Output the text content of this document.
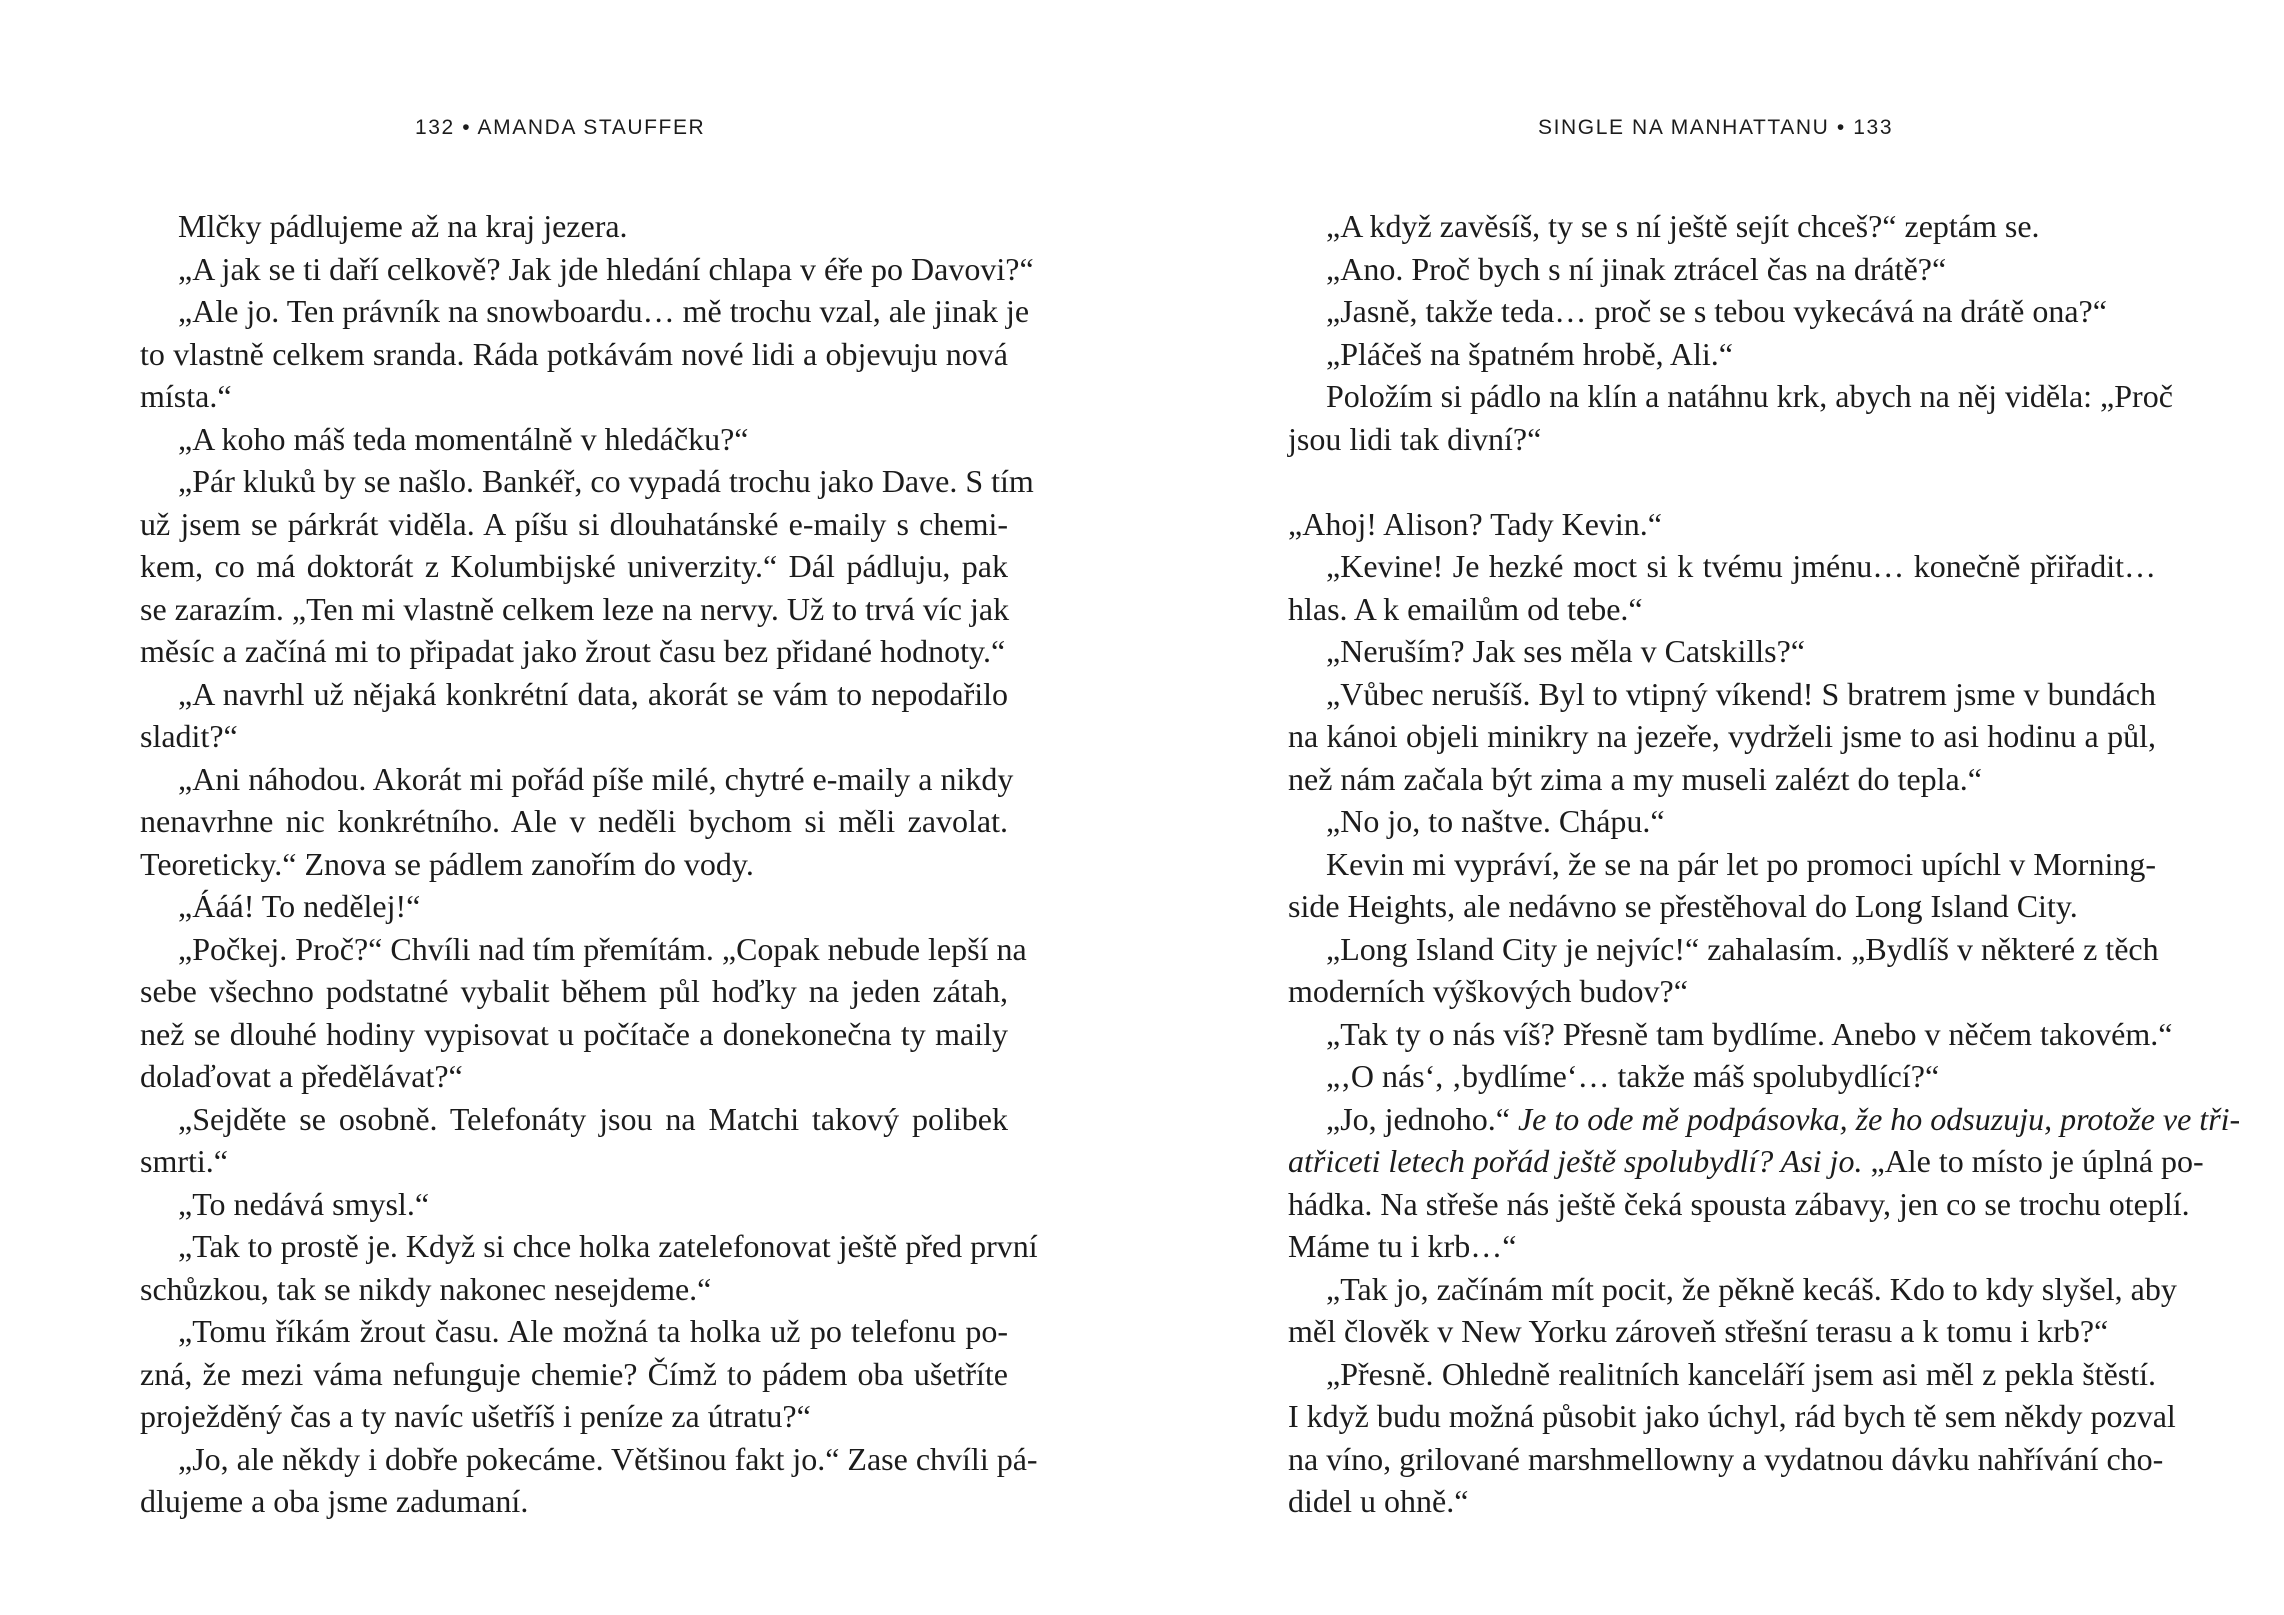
132 • AMANDA STAUFFER
Mlčky pádlujeme až na kraj jezera.
„A jak se ti daří celkově? Jak jde hledání chlapa v éře po Davovi?“
„Ale jo. Ten právník na snowboardu… mě trochu vzal, ale jinak je
to vlastně celkem sranda. Ráda potkávám nové lidi a objevuju nová
místa.“
„A koho máš teda momentálně v hledáčku?“
„Pár kluků by se našlo. Bankéř, co vypadá trochu jako Dave. S tím
už jsem se párkrát viděla. A píšu si dlouhatánské e-maily s chemi-
kem, co má doktorát z Kolumbijské univerzity.“ Dál pádluju, pak
se zarazím. „Ten mi vlastně celkem leze na nervy. Už to trvá víc jak
měsíc a začíná mi to připadat jako žrout času bez přidané hodnoty.“
„A navrhl už nějaká konkrétní data, akorát se vám to nepodařilo
sladit?“
„Ani náhodou. Akorát mi pořád píše milé, chytré e-maily a nikdy
nenavrhne nic konkrétního. Ale v neděli bychom si měli zavolat.
Teoreticky.“ Znova se pádlem zanořím do vody.
„Ááá! To nedělej!“
„Počkej. Proč?“ Chvíli nad tím přemítám. „Copak nebude lepší na
sebe všechno podstatné vybalit během půl hoďky na jeden zátah,
než se dlouhé hodiny vypisovat u počítače a donekonečna ty maily
dolaďovat a předělávat?“
„Sejděte se osobně. Telefonáty jsou na Matchi takový polibek
smrti.“
„To nedává smysl.“
„Tak to prostě je. Když si chce holka zatelefonovat ještě před první
schůzkou, tak se nikdy nakonec nesejdeme.“
„Tomu říkám žrout času. Ale možná ta holka už po telefonu po-
zná, že mezi váma nefunguje chemie? Čímž to pádem oba ušetříte
proježděný čas a ty navíc ušetříš i peníze za útratu?“
„Jo, ale někdy i dobře pokecáme. Většinou fakt jo.“ Zase chvíli pá-
dlujeme a oba jsme zadumaní.
SINGLE NA MANHATTANU • 133
„A když zavěsíš, ty se s ní ještě sejít chceš?“ zeptám se.
„Ano. Proč bych s ní jinak ztrácel čas na drátě?“
„Jasně, takže teda… proč se s tebou vykecává na drátě ona?“
„Pláčeš na špatném hrobě, Ali.“
Položím si pádlo na klín a natáhnu krk, abych na něj viděla: „Proč
jsou lidi tak divní?“
„Ahoj! Alison? Tady Kevin.“
„Kevine! Je hezké moct si k tvému jménu… konečně přiřadit…
hlas. A k emailům od tebe.“
„Neruším? Jak ses měla v Catskills?“
„Vůbec nerušíš. Byl to vtipný víkend! S bratrem jsme v bundách
na kánoi objeli minikry na jezeře, vydrželi jsme to asi hodinu a půl,
než nám začala být zima a my museli zalézt do tepla.“
„No jo, to naštve. Chápu.“
Kevin mi vypráví, že se na pár let po promoci upíchl v Morning-
side Heights, ale nedávno se přestěhoval do Long Island City.
„Long Island City je nejvíc!“ zahalasím. „Bydlíš v některé z těch
moderních výškových budov?“
„Tak ty o nás víš? Přesně tam bydlíme. Anebo v něčem takovém.“
„‚O nás‘, ‚bydlíme‘… takže máš spolubydlící?“
„Jo, jednoho.“ Je to ode mě podpásovka, že ho odsuzuju, protože ve tři-
atřiceti letech pořád ještě spolubydlí? Asi jo. „Ale to místo je úplná po-
hádka. Na střeše nás ještě čeká spousta zábavy, jen co se trochu oteplí.
Máme tu i krb…“
„Tak jo, začínám mít pocit, že pěkně kecáš. Kdo to kdy slyšel, aby
měl člověk v New Yorku zároveň střešní terasu a k tomu i krb?“
„Přesně. Ohledně realitních kanceláří jsem asi měl z pekla štěstí.
I když budu možná působit jako úchyl, rád bych tě sem někdy pozval
na víno, grilované marshmellowny a vydatnou dávku nahřívání cho-
didel u ohně.“
